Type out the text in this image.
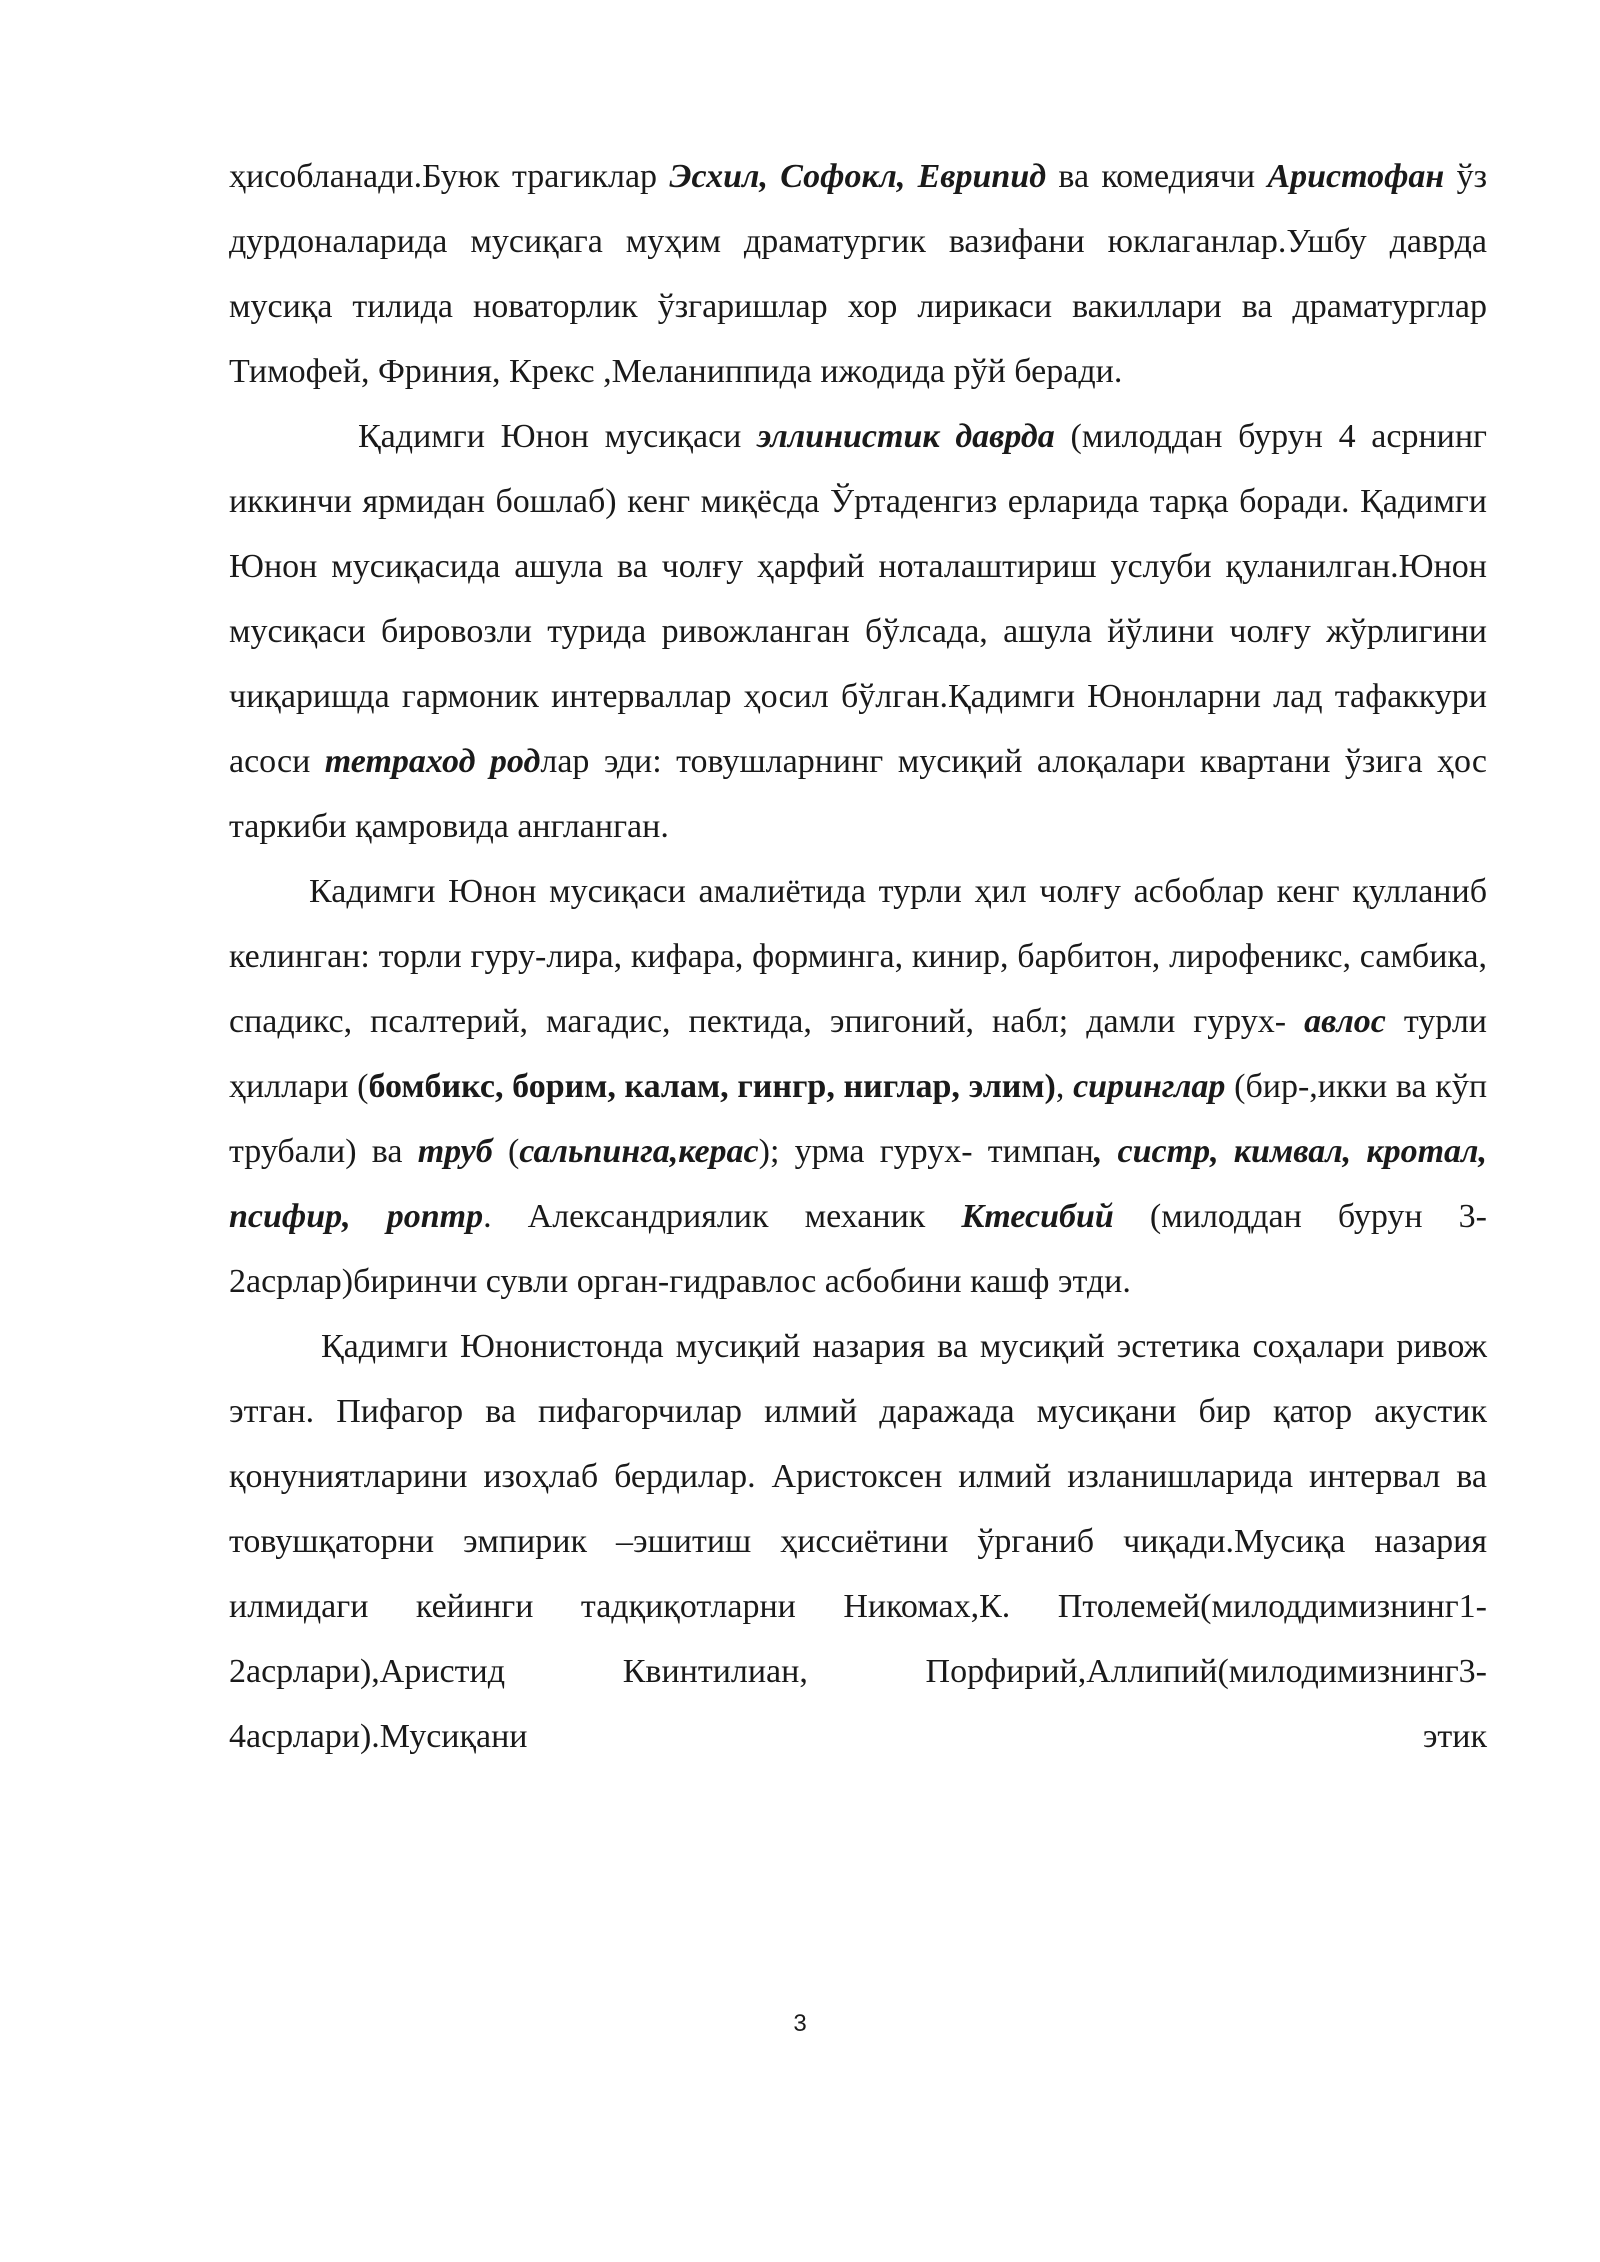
ҳисобланади.Буюк трагиклар Эсхил, Софокл, Еврипид ва комедиячи Аристофан ўз дурдоналарида мусиқага муҳим драматургик вазифани юклаганлар.Ушбу даврда мусиқа тилида новаторлик ўзгаришлар хор лирикаси вакиллари ва драматурглар Тимофей, Фриния, Крекс ,Меланиппида ижодида рўй беради.

Қадимги Юнон мусиқаси эллинистик даврда (милоддан бурун 4 асрнинг иккинчи ярмидан бошлаб) кенг миқёсда Ўртаденгиз ерларида тарқа боради. Қадимги Юнон мусиқасида ашула ва чолғу ҳарфий ноталаштириш услуби қуланилган.Юнон мусиқаси бировозли турида ривожланган бўлсада, ашула йўлини чолғу жўрлигини чиқаришда гармоник интерваллар ҳосил бўлган.Қадимги Юнонларни лад тафаккури асоси тетраход родлар эди: товушларнинг мусиқий алоқалари квартани ўзига ҳос таркиби қамровида англанган.

Кадимги Юнон мусиқаси амалиётида турли ҳил чолғу асбоблар кенг қулланиб келинган: торли гуру-лира, кифара, форминга, кинир, барбитон, лирофеникс, самбика, спадикс, псалтерий, магадис, пектида, эпигоний, набл; дамли гурух- авлос турли ҳиллари (бомбикс, борим, калам, гингр, ниглар, элим), сиринглар (бир-,икки ва кўп трубали) ва труб (сальпинга,керас); урма гурух- тимпан, систр, кимвал, кротал, псифир, роптр. Александриялик механик Ктесибий (милоддан бурун 3-2асрлар)биринчи сувли орган-гидравлос асбобини кашф этди.

Қадимги Юнонистонда мусиқий назария ва мусиқий эстетика соҳалари ривож этган. Пифагор ва пифагорчилар илмий даражада мусиқани бир қатор акустик қонуниятларини изоҳлаб бердилар. Аристоксен илмий изланишларида интервал ва товушқаторни эмпирик –эшитиш ҳиссиётини ўрганиб чиқади.Мусиқа назария илмидаги кейинги тадқиқотларни Никомах,К. Птолемей(милоддимизнинг1-2асрлари),Аристид Квинтилиан, Порфирий,Аллипий(милодимизнинг3-4асрлари).Мусиқани этик

3
